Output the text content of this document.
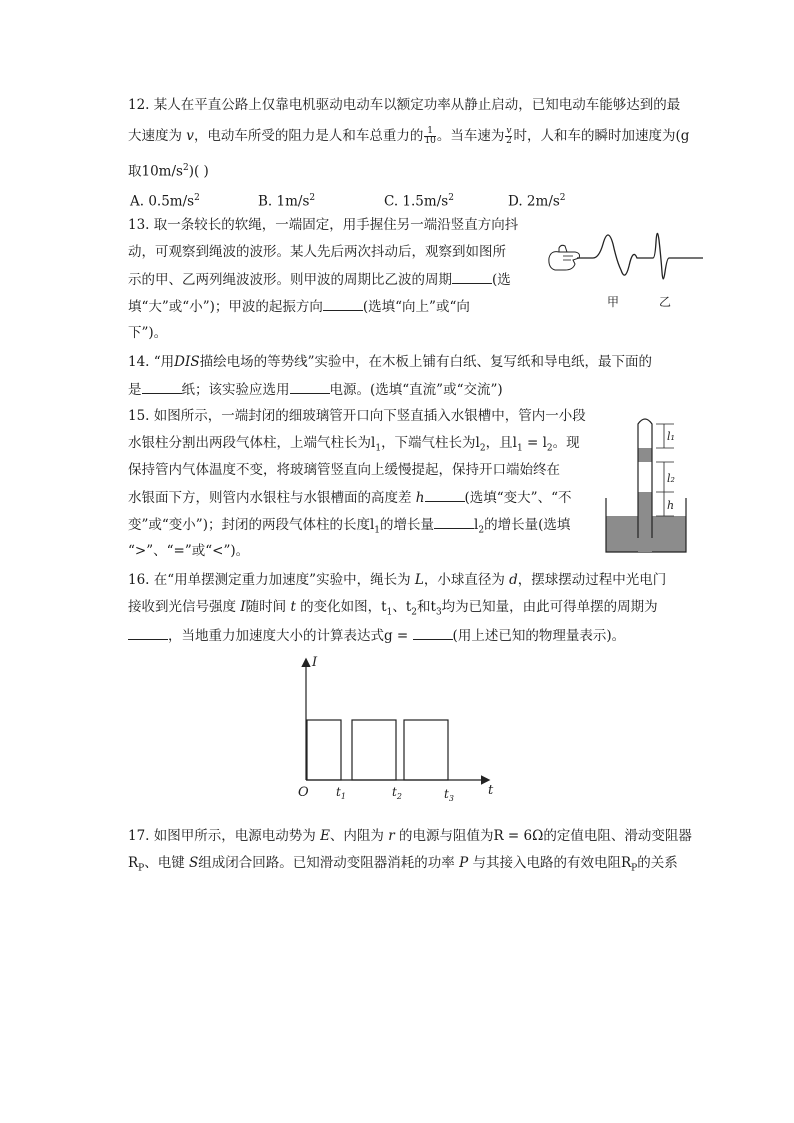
12. 某人在平直公路上仅靠电机驱动电动车以额定功率从静止启动，已知电动车能够达到的最
大速度为 v，电动车所受的阻力是人和车总重力的 $\frac{1}{10}$ 。当车速为 $\frac{v}{2}$ 时，人和车的瞬时加速度为(g
取$10m/s^2$)( )
A. $0.5m/s^2$	B. $1m/s^2$	C. $1.5m/s^2$	D. $2m/s^2$
13. 取一条较长的软绳，一端固定，用手握住另一端沿竖直方向抖
动，可观察到绳波的波形。某人先后两次抖动后，观察到如图所
示的甲、乙两列绳波波形。则甲波的周期比乙波的周期	(选
填“大”或“小”)；甲波的起振方向	(选填“向上”或“向
下”)。
甲	乙
14. “用DIS描绘电场的等势线”实验中，在木板上铺有白纸、复写纸和导电纸，最下面的
是	纸；该实验应选用	电源。(选填“直流”或“交流”)
15. 如图所示，一端封闭的细玻璃管开口向下竖直插入水银槽中，管内一小段
水银柱分割出两段气体柱，上端气柱长为$l_1$，下端气柱长为$l_2$，且$l_1 = l_2$。现
保持管内气体温度不变，将玻璃管竖直向上缓慢提起，保持开口端始终在
水银面下方，则管内水银柱与水银槽面的高度差 h	(选填“变大”、“不
变”或“变小”)；封闭的两段气体柱的长度$l_1$的增长量	$l_2$的增长量(选填
“>”、“=”或“<”)。
l₁
l₂
h
16. 在“用单摆测定重力加速度”实验中，绳长为 L，小球直径为 d，摆球摆动过程中光电门
接收到光信号强度 I随时间 t 的变化如图，$t_1$、$t_2$和$t_3$均为已知量，由此可得单摆的周期为
，当地重力加速度大小的计算表达式g =	(用上述已知的物理量表示)。
I
t
O $t_1$	$t_2$	$t_3$
17. 如图甲所示，电源电动势为 E、内阻为 r 的电源与阻值为R = 6Ω的定值电阻、滑动变阻器
$R_P$、电键 S组成闭合回路。已知滑动变阻器消耗的功率 P 与其接入电路的有效电阻$R_P$的关系
